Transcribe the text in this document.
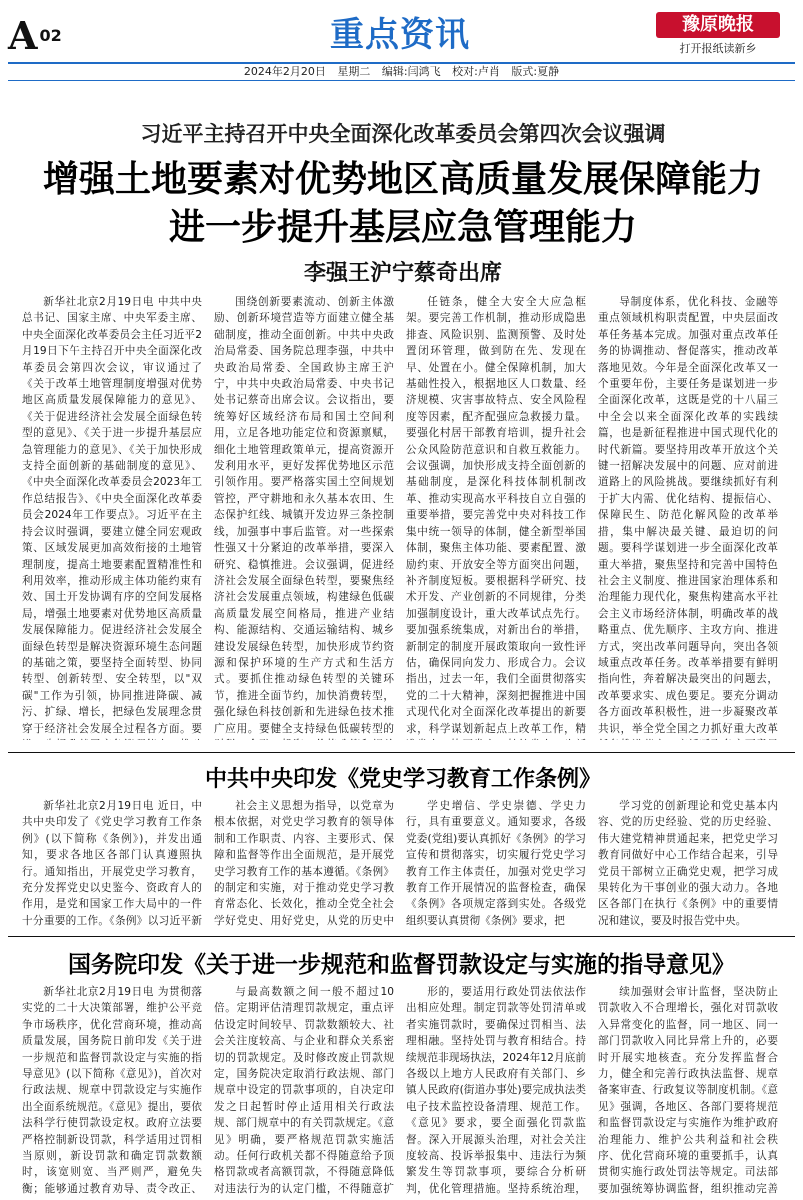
A 02	重点资讯	豫原晚报
打开报纸读新乡
2024年2月20日 星期二 编辑:闫鸿飞 校对:卢肖 版式:夏静
习近平主持召开中央全面深化改革委员会第四次会议强调
增强土地要素对优势地区高质量发展保障能力
进一步提升基层应急管理能力
李强王沪宁蔡奇出席

新华社北京2月19日电 中共中央总书记、国家主席、中央军委主席、中央全面深化改革委员会主任习近平2月19日下午主持召开中央全面深化改革委员会第四次会议，审议通过了《关于改革土地管理制度增强对优势地区高质量发展保障能力的意见》、《关于促进经济社会发展全面绿色转型的意见》、《关于进一步提升基层应急管理能力的意见》、《关于加快形成支持全面创新的基础制度的意见》、《中央全面深化改革委员会2023年工作总结报告》、《中央全面深化改革委员会2024年工作要点》。习近平在主持会议时强调，要建立健全同宏观政策、区域发展更加高效衔接的土地管理制度，提高土地要素配置精准性和利用效率，推动形成主体功能约束有效、国土开发协调有序的空间发展格局，增强土地要素对优势地区高质量发展保障能力。促进经济社会发展全面绿色转型是解决资源环境生态问题的基础之策，要坚持全面转型、协同转型、创新转型、安全转型，以"双碳"工作为引领，协同推进降碳、减污、扩绿、增长，把绿色发展理念贯穿于经济社会发展全过程各方面。要

围绕创新要素流动、创新主体激励、创新环境营造等方面建立健全基础制度，推动全面创新。中共中央政治局常委、国务院总理李强，中共中央政治局常委、全国政协主席王沪宁，中共中央政治局常委、中央书记处书记蔡奇出席会议。会议指出，要统筹好区域经济布局和国土空间利用，立足各地功能定位和资源禀赋，细化土地管理政策单元，提高资源开发利用水平，更好发挥优势地区示范引领作用。要严格落实国土空间规划管控，严守耕地和永久基本农田、生态保护红线、城镇开发边界三条控制线，加强事中事后监管。对一些探索性强又十分紧迫的改革举措，要深入研究、稳慎推进。会议强调，促进经济社会发展全面绿色转型，要聚焦经济社会发展重点领域，构建绿色低碳高质量发展空间格局，推进产业结构、能源结构、交通运输结构、城乡建设发展绿色转型，加快形成节约资源和保护环境的生产方式和生活方式。要抓住推动绿色转型的关键环节，推进全面节约，加快消费转型，强化绿色科技创新和先进绿色技术推广应用。要健全支持绿色低碳转型的

任链条，健全大安全大应急框架。要完善工作机制，推动形成隐患排查、风险识别、监测预警、及时处置闭环管理，做到防在先、发现在早、处置在小。健全保障机制，加大基础性投入，根据地区人口数量、经济规模、灾害事故特点、安全风险程度等因素，配齐配强应急救援力量。要强化村居干部教育培训，提升社会公众风险防范意识和自救互救能力。会议强调，加快形成支持全面创新的基础制度，是深化科技体制机制改革、推动实现高水平科技自立自强的重要举措，要完善党中央对科技工作集中统一领导的体制，健全新型举国体制，聚焦主体功能、要素配置、激励约束、开放安全等方面突出问题，补齐制度短板。要根据科学研究、技术开发、产业创新的不同规律，分类加强制度设计，重大改革试点先行。要加强系统集成，对新出台的举措，新制定的制度开展政策取向一致性评估，确保同向发力、形成合力。会议指出，过去一年，我们全面贯彻落实党的二十大精神，深刻把握推进中国式现代化对全面深化改革提出的新要求，科学谋划新起点上改革工作，精

导制度体系，优化科技、金融等重点领域机构职责配置，中央层面改革任务基本完成。加强对重点改革任务的协调推动、督促落实，推动改革落地见效。今年是全面深化改革又一个重要年份，主要任务是谋划进一步全面深化改革，这既是党的十八届三中全会以来全面深化改革的实践续篇，也是新征程推进中国式现代化的时代新篇。要坚持用改革开放这个关键一招解决发展中的问题、应对前进道路上的风险挑战。要继续抓好有利于扩大内需、优化结构、提振信心、保障民生、防范化解风险的改革举措，集中解决最关键、最迫切的问题。要科学谋划进一步全面深化改革重大举措，聚焦坚持和完善中国特色社会主义制度、推进国家治理体系和治理能力现代化，聚焦构建高水平社会主义市场经济体制，明确改革的战略重点、优先顺序、主攻方向、推进方式，突出改革问题导向，突出各领域重点改革任务。改革举措要有鲜明指向性，奔着解决最突出的问题去，改革要求实、成色要足。要充分调动各方面改革积极性，进一步凝聚改革共识，举全党全国之力抓好重大改革

中共中央印发《党史学习教育工作条例》

新华社北京2月19日电 近日，中共中央印发了《党史学习教育工作条例》(以下简称《条例》)，并发出通知，要求各地区各部门认真遵照执行。通知指出，开展党史学习教育，充分发挥党史以史鉴今、资政育人的作用，是党和国家工作大局中的一件十分重要的工作。《条例》以习近平新

社会主义思想为指导，以党章为根本依据，对党史学习教育的领导体制和工作职责、内容、主要形式、保障和监督等作出全面规范，是开展党史学习教育工作的基本遵循。《条例》的制定和实施，对于推动党史学习教育常态化、长效化，推动全党全社会学好党史、用好党史，从党的历史中

学史增信、学史崇德、学史力行，具有重要意义。通知要求，各级党委(党组)要认真抓好《条例》的学习宣传和贯彻落实，切实履行党史学习教育工作主体责任，加强对党史学习教育工作开展情况的监督检查，确保《条例》各项规定落到实处。各级党组织要认真贯彻《条例》要求，把

学习党的创新理论和党史基本内容、党的历史经验、党的历史经验、伟大建党精神贯通起来，把党史学习教育同做好中心工作结合起来，引导党员干部树立正确党史观，把学习成果转化为干事创业的强大动力。各地区各部门在执行《条例》中的重要情况和建议，要及时报告党中央。

国务院印发《关于进一步规范和监督罚款设定与实施的指导意见》

新华社北京2月19日电 为贯彻落实党的二十大决策部署，维护公平竞争市场秩序，优化营商环境，推动高质量发展，国务院日前印发《关于进一步规范和监督罚款设定与实施的指导意见》(以下简称《意见》)，首次对行政法规、规章中罚款设定与实施作出全面系统规范。《意见》提出，要依法科学行使罚款设定权。政府立法要严格控制新设罚款，科学适用过罚相当原则，新设罚款和确定罚款数额时，该宽则宽、当严则严，避免失衡；能够通过教育劝导、责令改正、

与最高数额之间一般不超过10倍。定期评估清理罚款规定，重点评估设定时间较早、罚款数额较大、社会关注度较高、与企业和群众关系密切的罚款规定。及时修改废止罚款规定，国务院决定取消行政法规、部门规章中设定的罚款事项的，自决定印发之日起暂时停止适用相关行政法规、部门规章中的有关罚款规定。《意见》明确，要严格规范罚款实施活动。任何行政机关都不得随意给予顶格罚款或者高额罚款，不得随意降低对违法行为的认定门槛，不得随意扩

形的，要适用行政处罚法依法作出相应处理。制定罚款等处罚清单或者实施罚款时，要确保过罚相当、法理相融。坚持处罚与教育相结合。持续规范非现场执法，2024年12月底前各级以上地方人民政府有关部门、乡镇人民政府(街道办事处)要完成执法类电子技术监控设备清理、规范工作。《意见》要求，要全面强化罚款监督。深入开展源头治理，对社会关注度较高、投诉举报集中、违法行为频繁发生等罚款事项，要综合分析研判，优化管理措施。坚持系统治理，

续加强财会审计监督，坚决防止罚款收入不合理增长，强化对罚款收入异常变化的监督，同一地区、同一部门罚款收入同比异常上升的，必要时开展实地核查。充分发挥监督合力，健全和完善行政执法监督、规章备案审查、行政复议等制度机制。《意见》强调，各地区、各部门要将规范和监督罚款设定与实施作为维护政府治理能力、维护公共利益和社会秩序、优化营商环境的重要抓手，认真贯彻实施行政处罚法等规定。司法部要加强统筹协调监督，组织推动完善
